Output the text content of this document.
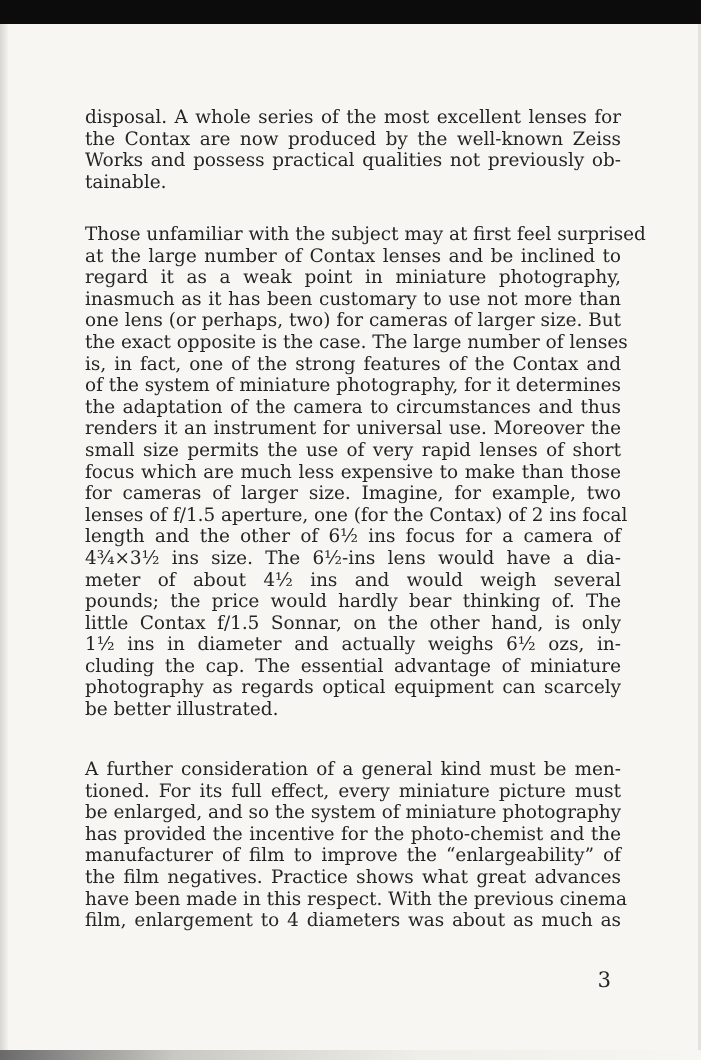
disposal. A whole series of the most excellent lenses for
the Contax are now produced by the well-known Zeiss
Works and possess practical qualities not previously ob-
tainable.
Those unfamiliar with the subject may at first feel surprised
at the large number of Contax lenses and be inclined to
regard it as a weak point in miniature photography,
inasmuch as it has been customary to use not more than
one lens (or perhaps, two) for cameras of larger size. But
the exact opposite is the case. The large number of lenses
is, in fact, one of the strong features of the Contax and
of the system of miniature photography, for it determines
the adaptation of the camera to circumstances and thus
renders it an instrument for universal use. Moreover the
small size permits the use of very rapid lenses of short
focus which are much less expensive to make than those
for cameras of larger size. Imagine, for example, two
lenses of f/1.5 aperture, one (for the Contax) of 2 ins focal
length and the other of 6½ ins focus for a camera of
4¾×3½ ins size. The 6½-ins lens would have a dia-
meter of about 4½ ins and would weigh several
pounds; the price would hardly bear thinking of. The
little Contax f/1.5 Sonnar, on the other hand, is only
1½ ins in diameter and actually weighs 6½ ozs, in-
cluding the cap. The essential advantage of miniature
photography as regards optical equipment can scarcely
be better illustrated.
A further consideration of a general kind must be men-
tioned. For its full effect, every miniature picture must
be enlarged, and so the system of miniature photography
has provided the incentive for the photo-chemist and the
manufacturer of film to improve the “enlargeability” of
the film negatives. Practice shows what great advances
have been made in this respect. With the previous cinema
film, enlargement to 4 diameters was about as much as
3
